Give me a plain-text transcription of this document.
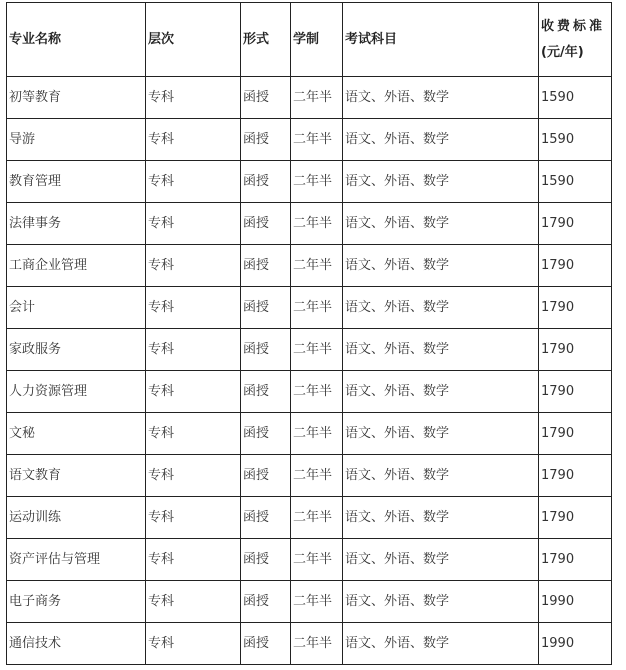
专业名称	层次	形式	学制	考试科目	收费标准
(元/年)

初等教育	专科	函授	二年半	语文、外语、数学	1590
导游	专科	函授	二年半	语文、外语、数学	1590
教育管理	专科	函授	二年半	语文、外语、数学	1590
法律事务	专科	函授	二年半	语文、外语、数学	1790
工商企业管理	专科	函授	二年半	语文、外语、数学	1790
会计	专科	函授	二年半	语文、外语、数学	1790
家政服务	专科	函授	二年半	语文、外语、数学	1790
人力资源管理	专科	函授	二年半	语文、外语、数学	1790
文秘	专科	函授	二年半	语文、外语、数学	1790
语文教育	专科	函授	二年半	语文、外语、数学	1790
运动训练	专科	函授	二年半	语文、外语、数学	1790
资产评估与管理	专科	函授	二年半	语文、外语、数学	1790
电子商务	专科	函授	二年半	语文、外语、数学	1990
通信技术	专科	函授	二年半	语文、外语、数学	1990
